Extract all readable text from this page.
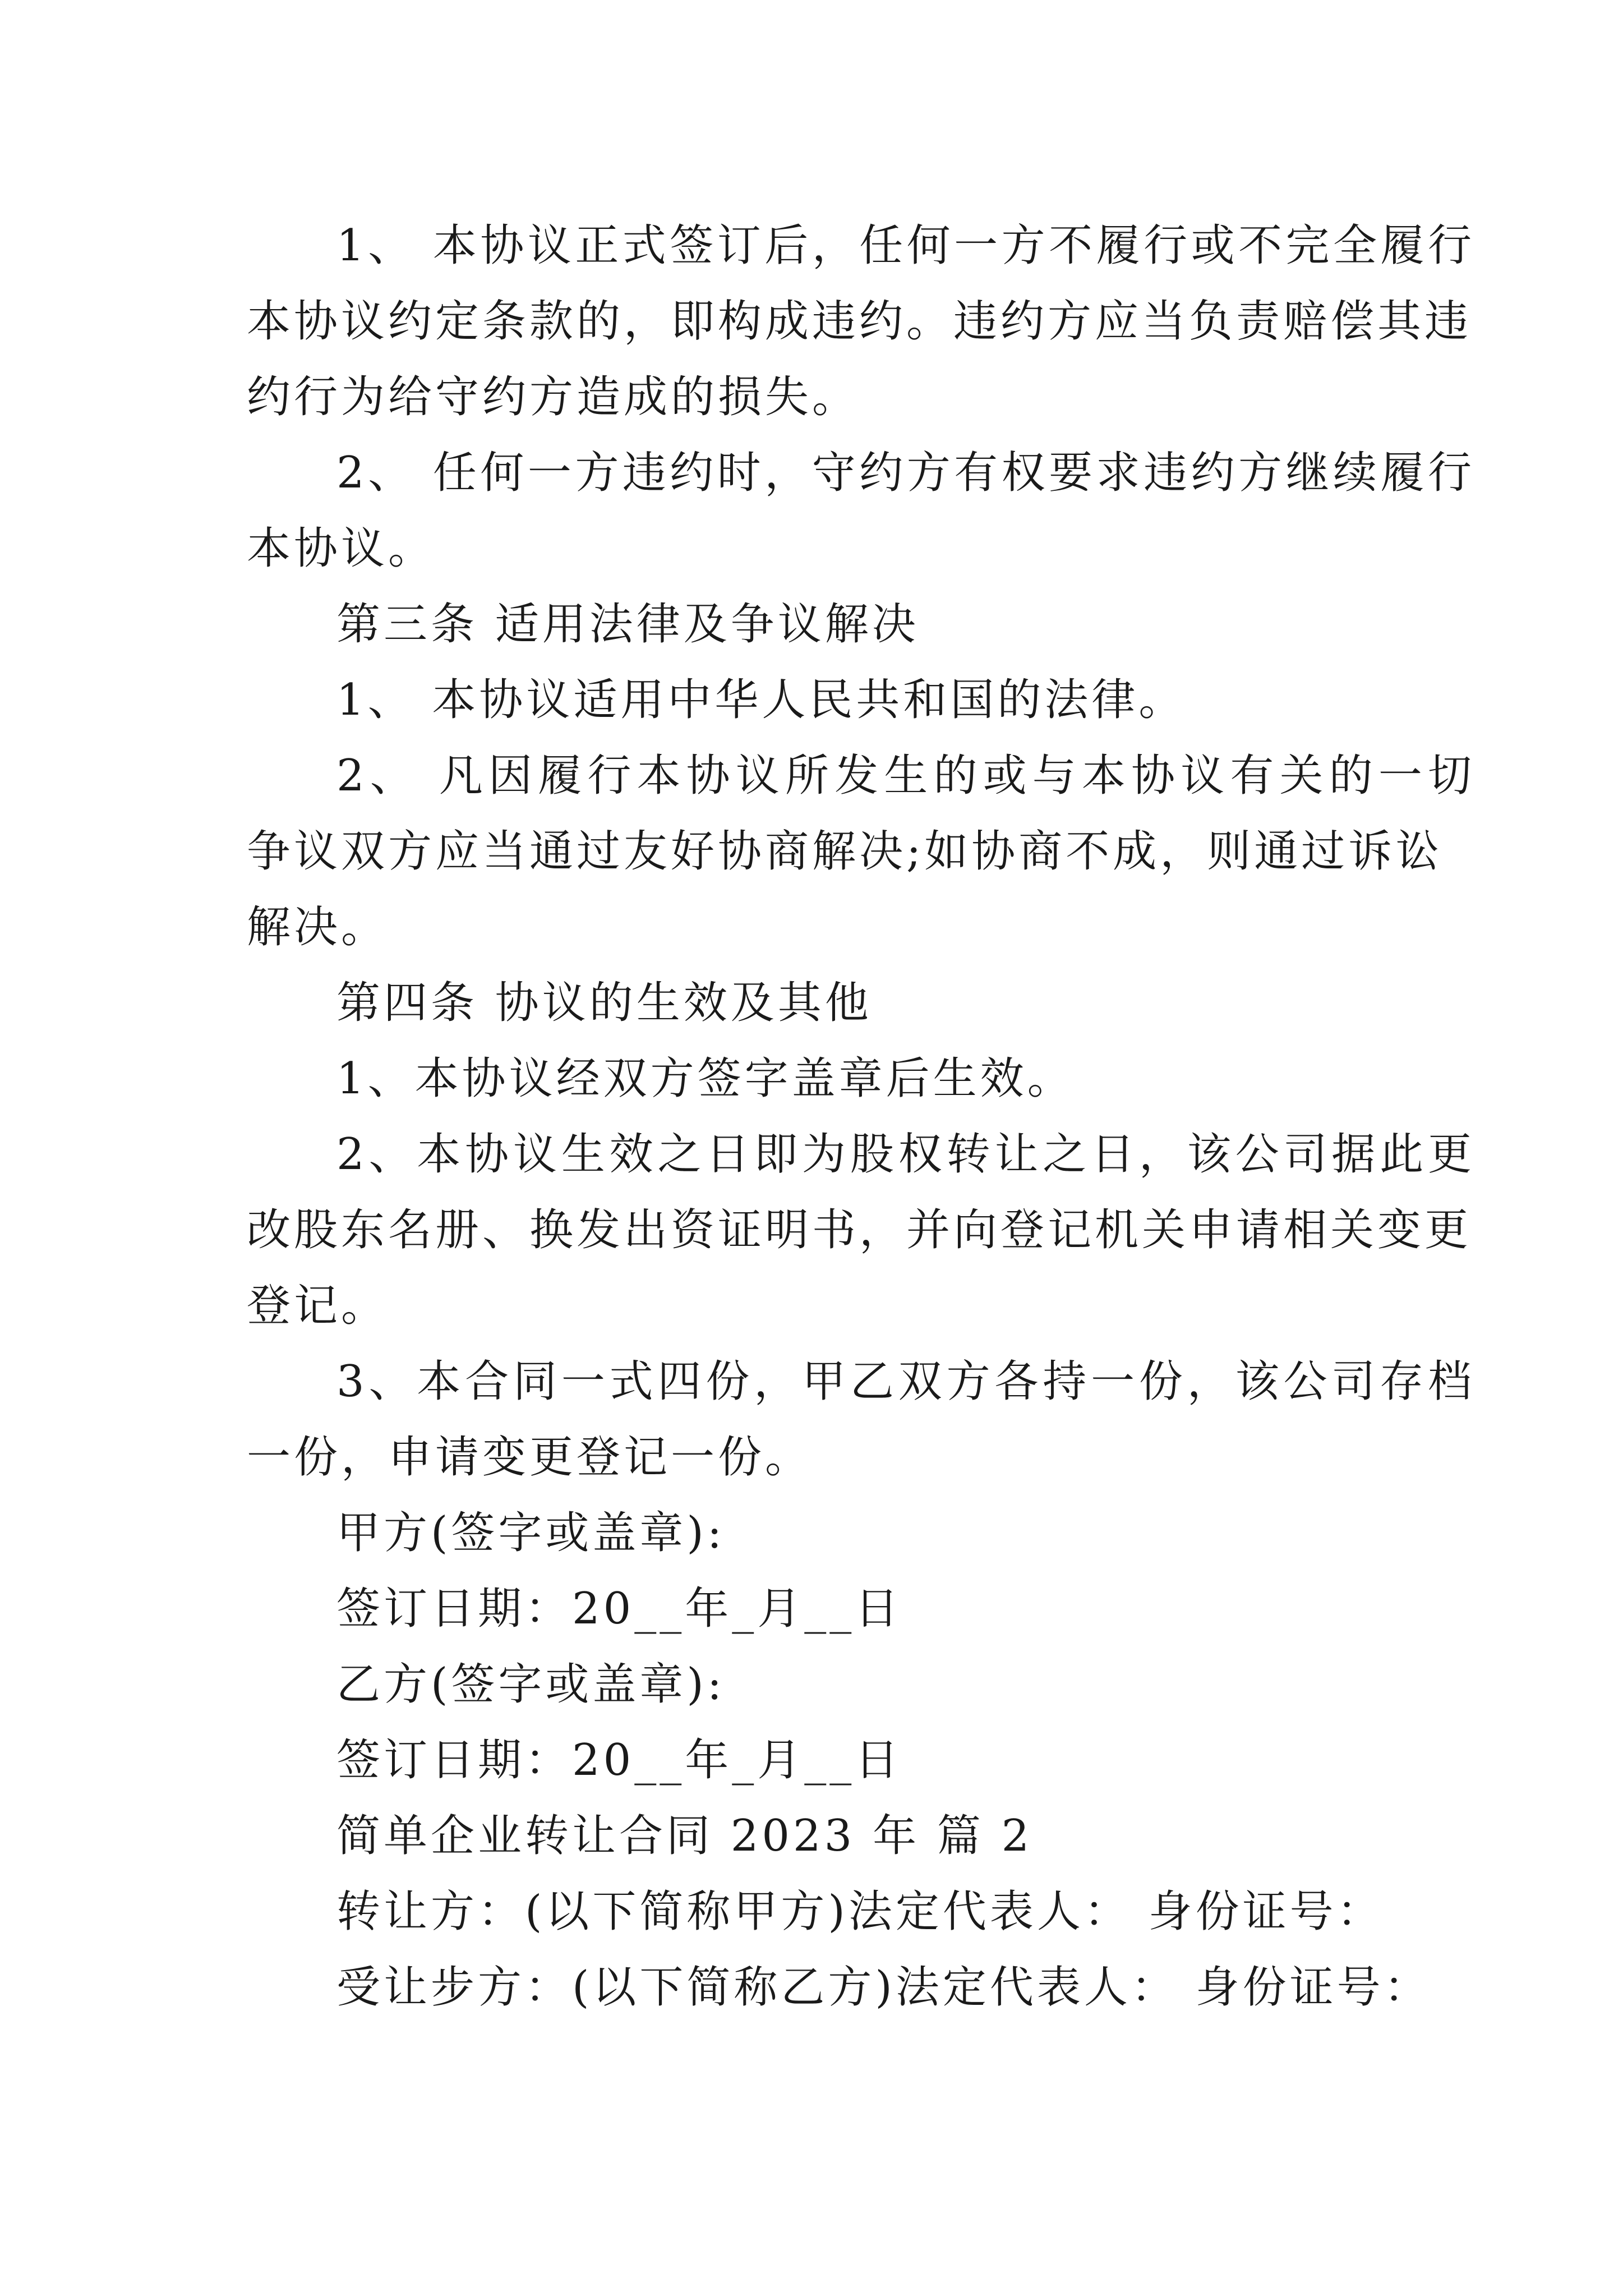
1、 本协议正式签订后，任何一方不履行或不完全履行
本协议约定条款的，即构成违约。违约方应当负责赔偿其违
约行为给守约方造成的损失。
2、 任何一方违约时，守约方有权要求违约方继续履行
本协议。
第三条 适用法律及争议解决
1、 本协议适用中华人民共和国的法律。
2、 凡因履行本协议所发生的或与本协议有关的一切
争议双方应当通过友好协商解决;如协商不成，则通过诉讼
解决。
第四条 协议的生效及其他
1、本协议经双方签字盖章后生效。
2、本协议生效之日即为股权转让之日，该公司据此更
改股东名册、换发出资证明书，并向登记机关申请相关变更
登记。
3、本合同一式四份，甲乙双方各持一份，该公司存档
一份，申请变更登记一份。
甲方(签字或盖章):
签订日期：20__年_月__日
乙方(签字或盖章):
签订日期：20__年_月__日
简单企业转让合同 2023 年 篇 2
转让方：(以下简称甲方)法定代表人： 身份证号：
受让步方：(以下简称乙方)法定代表人： 身份证号：
